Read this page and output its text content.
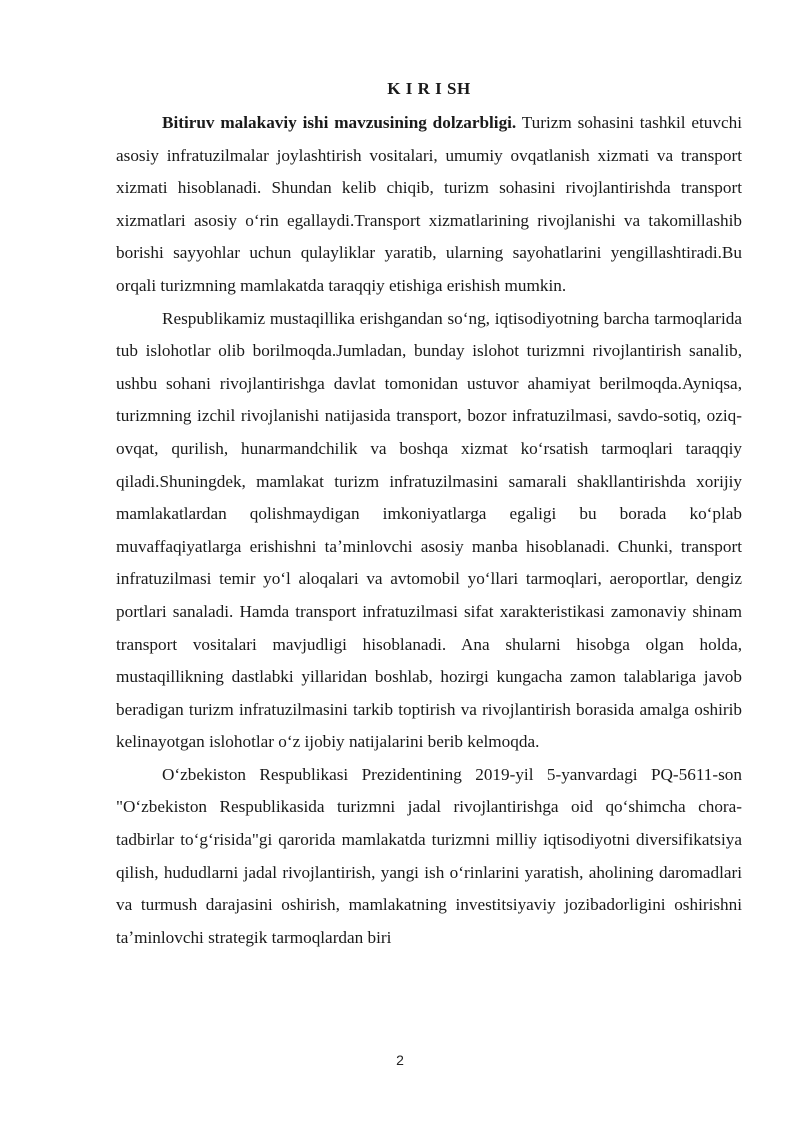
K I R I SH

Bitiruv malakaviy ishi mavzusining dolzarbligi. Turizm sohasini tashkil etuvchi asosiy infratuzilmalar joylashtirish vositalari, umumiy ovqatlanish xizmati va transport xizmati hisoblanadi. Shundan kelib chiqib, turizm sohasini rivojlantirishda transport xizmatlari asosiy oʻrin egallaydi.Transport xizmatlarining rivojlanishi va takomillashib borishi sayyohlar uchun qulayliklar yaratib, ularning sayohatlarini yengillashtiradi.Bu orqali turizmning mamlakatda taraqqiy etishiga erishish mumkin.

Respublikamiz mustaqillika erishgandan soʻng, iqtisodiyotning barcha tarmoqlarida tub islohotlar olib borilmoqda.Jumladan, bunday islohot turizmni rivojlantirish sanalib, ushbu sohani rivojlantirishga davlat tomonidan ustuvor ahamiyat berilmoqda.Ayniqsa, turizmning izchil rivojlanishi natijasida transport, bozor infratuzilmasi, savdo-sotiq, oziq-ovqat, qurilish, hunarmandchilik va boshqa xizmat koʻrsatish tarmoqlari taraqqiy qiladi.Shuningdek, mamlakat turizm infratuzilmasini samarali shakllantirishda xorijiy mamlakatlardan qolishmaydigan imkoniyatlarga egaligi bu borada koʻplab muvaffaqiyatlarga erishishni taʼminlovchi asosiy manba hisoblanadi. Chunki, transport infratuzilmasi temir yoʻl aloqalari va avtomobil yoʻllari tarmoqlari, aeroportlar, dengiz portlari sanaladi. Hamda transport infratuzilmasi sifat xarakteristikasi zamonaviy shinam transport vositalari mavjudligi hisoblanadi. Ana shularni hisobga olgan holda, mustaqillikning dastlabki yillaridan boshlab, hozirgi kungacha zamon talablariga javob beradigan turizm infratuzilmasini tarkib toptirish va rivojlantirish borasida amalga oshirib kelinayotgan islohotlar oʻz ijobiy natijalarini berib kelmoqda.

Oʻzbekiston Respublikasi Prezidentining 2019-yil 5-yanvardagi PQ-5611-son "Oʻzbekiston Respublikasida turizmni jadal rivojlantirishga oid qoʻshimcha chora-tadbirlar toʻgʻrisida"gi qarorida mamlakatda turizmni milliy iqtisodiyotni diversifikatsiya qilish, hududlarni jadal rivojlantirish, yangi ish oʻrinlarini yaratish, aholining daromadlari va turmush darajasini oshirish, mamlakatning investitsiyaviy jozibadorligini oshirishni taʼminlovchi strategik tarmoqlardan biri

2
